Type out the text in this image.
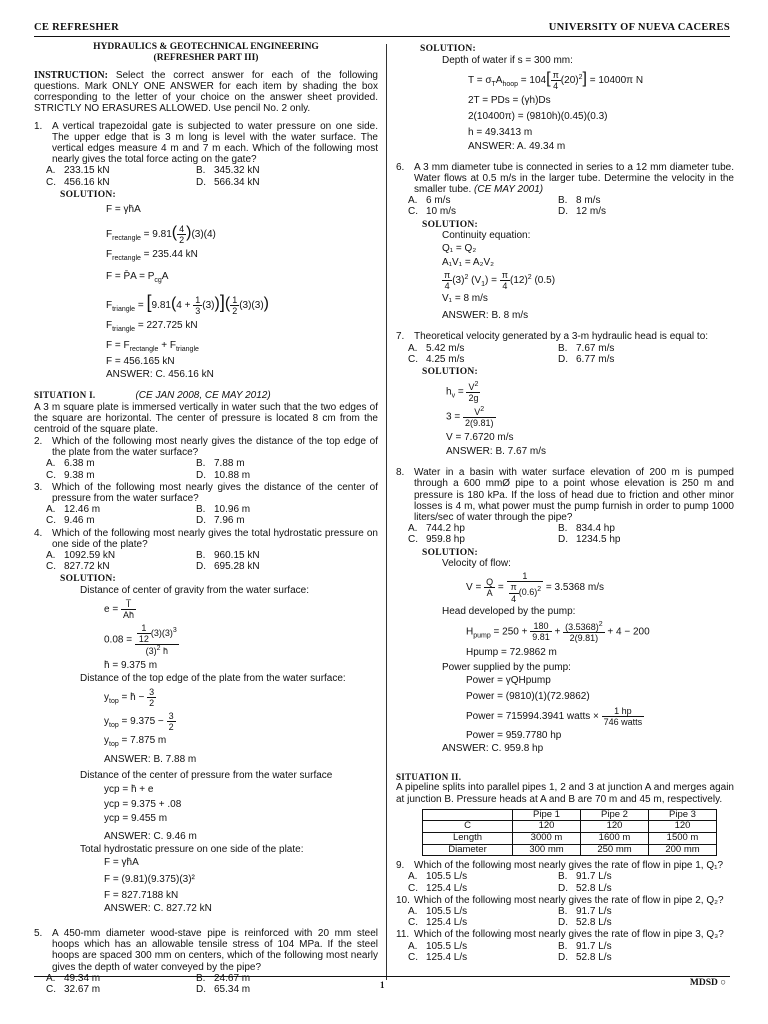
CE REFRESHER	UNIVERSITY OF NUEVA CACERES
HYDRAULICS & GEOTECHNICAL ENGINEERING
(REFRESHER PART III)
INSTRUCTION: Select the correct answer for each of the following questions. Mark ONLY ONE ANSWER for each item by shading the box corresponding to the letter of your choice on the answer sheet provided. STRICTLY NO ERASURES ALLOWED. Use pencil No. 2 only.
1. A vertical trapezoidal gate is subjected to water pressure on one side. The upper edge that is 3 m long is level with the water surface. The vertical edges measure 4 m and 7 m each. Which of the following most nearly gives the total force acting on the gate?
A. 233.15 kN	B. 345.32 kN
C. 456.16 kN	D. 566.34 kN
SOLUTION:
F = γh̄A
$F_{rectangle} = 9.81( \frac{4}{2} )(3)(4)$
$F_{rectangle} = 235.44$ kN
F = P̄A = $P_{cg}A$
$F_{triangle} = [9.81(4 + \frac{1}{3} (3))]( \frac{1}{2} (3)(3))$
$F_{triangle} = 227.725$ kN
$F = F_{rectangle} + F_{triangle}$
F = 456.165 kN
ANSWER: C. 456.16 kN
SITUATION I.	(CE JAN 2008, CE MAY 2012)
A 3 m square plate is immersed vertically in water such that the two edges of the square are horizontal. The center of pressure is located 8 cm from the centroid of the square plate.
2. Which of the following most nearly gives the distance of the top edge of the plate from the water surface?
A. 6.38 m	B. 7.88 m
C. 9.38 m	D. 10.88 m
3. Which of the following most nearly gives the distance of the center of pressure from the water surface?
A. 12.46 m	B. 10.96 m
C. 9.46 m	D. 7.96 m
4. Which of the following most nearly gives the total hydrostatic pressure on one side of the plate?
A. 1092.59 kN	B. 960.15 kN
C. 827.72 kN	D. 695.28 kN
SOLUTION:
Distance of center of gravity from the water surface:
$e = \frac{I̅}{Ah̄}$
$0.08 = \frac{\frac{1}{12} (3)(3)^3}{(3)^2 h̄}$
h̄ = 9.375 m
Distance of the top edge of the plate from the water surface:
$y_{top}$ = h̄ − $\frac{3}{2}$
$y_{top} = 9.375 - \frac{3}{2}$
$y_{top} = 7.875$ m
ANSWER: B. 7.88 m
Distance of the center of pressure from the water surface
ycp = h̄ + e
ycp = 9.375 + .08
ycp = 9.455 m
ANSWER: C. 9.46 m
Total hydrostatic pressure on one side of the plate:
F = γh̄A
F = (9.81)(9.375)(3)²
F = 827.7188 kN
ANSWER: C. 827.72 kN
5. A 450-mm diameter wood-stave pipe is reinforced with 20 mm steel hoops which has an allowable tensile stress of 104 MPa. If the steel hoops are spaced 300 mm on centers, which of the following most nearly gives the depth of water conveyed by the pipe?
A. 49.34 m	B. 24.67 m
C. 32.67 m	D. 65.34 m
SOLUTION:
Depth of water if s = 300 mm:
$T = \sigma_TA_{hoop} = 104[ \frac{\pi}{4} (20)^2] = 10400\pi$ N
2T = PDs = (γh)Ds
2(10400π) = (9810h)(0.45)(0.3)
h = 49.3413 m
ANSWER: A. 49.34 m
6. A 3 mm diameter tube is connected in series to a 12 mm diameter tube. Water flows at 0.5 m/s in the larger tube. Determine the velocity in the smaller tube. (CE MAY 2001)
A. 6 m/s	B. 8 m/s
C. 10 m/s	D. 12 m/s
SOLUTION:
Continuity equation:
Q₁ = Q₂
A₁V₁ = A₂V₂
$\frac{\pi}{4} (3)^2$ $(V_1) = \frac{\pi}{4} (12)^2$ (0.5)
V₁ = 8 m/s
ANSWER: B. 8 m/s
7. Theoretical velocity generated by a 3-m hydraulic head is equal to:
A. 5.42 m/s	B. 7.67 m/s
C. 4.25 m/s	D. 6.77 m/s
SOLUTION:
$h_v = \frac{V^2}{2g}$
$3 = \frac{V^2}{2(9.81)}$
V = 7.6720 m/s
ANSWER: B. 7.67 m/s
8. Water in a basin with water surface elevation of 200 m is pumped through a 600 mmØ pipe to a point whose elevation is 250 m and pressure is 180 kPa. If the loss of head due to friction and other minor losses is 4 m, what power must the pump furnish in order to pump 1000 liters/sec of water through the pipe?
A. 744.2 hp	B. 834.4 hp
C. 959.8 hp	D. 1234.5 hp
SOLUTION:
Velocity of flow:
$V = \frac{Q}{A} = \frac{1}{\frac{\pi}{4} (0.6)^2} = 3.5368$ m/s
Head developed by the pump:
$H_{pump} = 250 + \frac{180}{9.81} + \frac{(3.5368)^2}{2(9.81)} + 4 - 200$
Hpump = 72.9862 m
Power supplied by the pump:
Power = γQHpump
Power = (9810)(1)(72.9862)
Power = 715994.3941 watts × $\frac{1 hp}{\text{746 watts}}$
Power = 959.7780 hp
ANSWER: C. 959.8 hp
SITUATION II.
A pipeline splits into parallel pipes 1, 2 and 3 at junction A and merges again at junction B. Pressure heads at A and B are 70 m and 45 m, respectively.
	Pipe 1	Pipe 2	Pipe 3
C	120	120	120
Length	3000 m	1600 m	1500 m
Diameter	300 mm	250 mm	200 mm
9. Which of the following most nearly gives the rate of flow in pipe 1, Q₁?
A. 105.5 L/s	B. 91.7 L/s
C. 125.4 L/s	D. 52.8 L/s
10. Which of the following most nearly gives the rate of flow in pipe 2, Q₂?
A. 105.5 L/s	B. 91.7 L/s
C. 125.4 L/s	D. 52.8 L/s
11. Which of the following most nearly gives the rate of flow in pipe 3, Q₃?
A. 105.5 L/s	B. 91.7 L/s
C. 125.4 L/s	D. 52.8 L/s
1	MDSD ○
